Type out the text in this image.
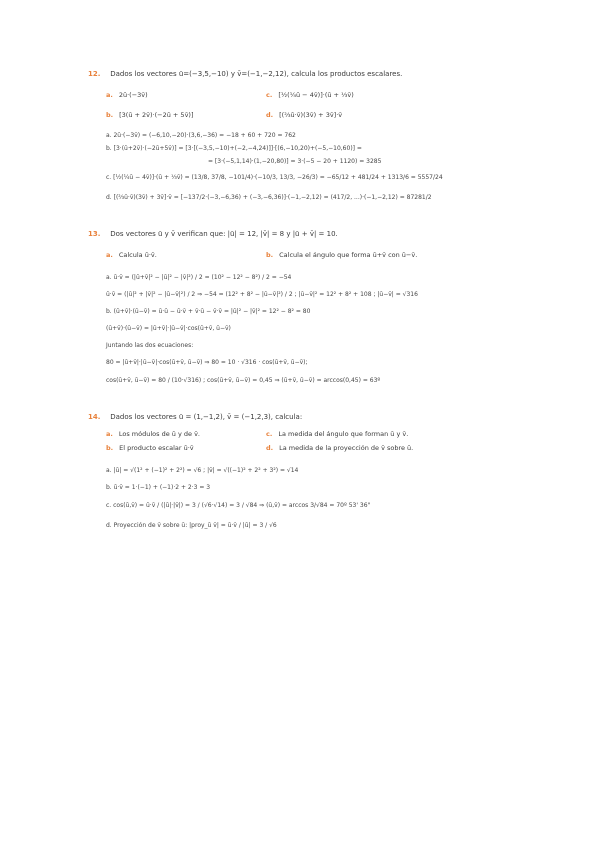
12. Dados los vectores ū=(−3,5,−10) y v̄=(−1,−2,12), calcula los productos escalares.
a. 2ū·(−3v̄)	c. [½(¼ū − 4v̄)]·(ū + ⅓v̄)
b. [3(ū + 2v̄)·(−2ū + 5v̄)]	d. [(⅔ū·v̄)(3v̄) + 3v̄]·v̄
a. 2ū·(−3v̄) = (−6,10,−20)·(3,6,−36) = −18 + 60 + 720 = 762
b. [3·(ū+2v̄)·(−2ū+5v̄)] = [3·[(−3,5,−10)+(−2,−4,24)]]·[(6,−10,20)+(−5,−10,60)] =
= [3·(−5,1,14)·(1,−20,80)] = 3·(−5 − 20 + 1120) = 3285
c. [½(¼ū − 4v̄)]·(ū + ⅓v̄) = (13/8, 37/8, −101/4)·(−10/3, 13/3, −26/3) = −65/12 + 481/24 + 1313/6 = 5557/24
d. [(⅔ū·v̄)(3v̄) + 3v̄]·v̄ = [−137/2·(−3,−6,36) + (−3,−6,36)]·(−1,−2,12) = (417/2, ...)·(−1,−2,12) = 87281/2
13. Dos vectores ū y v̄ verifican que: |ū| = 12, |v̄| = 8 y |ū + v̄| = 10.
a. Calcula ū·v̄.	b. Calcula el ángulo que forma ū+v̄ con ū−v̄.
a. ū·v̄ = (|ū+v̄|² − |ū|² − |v̄|²) / 2 = (10² − 12² − 8²) / 2 = −54
ū·v̄ = (|ū|² + |v̄|² − |ū−v̄|²) / 2 ⇒ −54 = (12² + 8² − |ū−v̄|²) / 2 ; |ū−v̄|² = 12² + 8² + 108 ; |ū−v̄| = √316
b. (ū+v̄)·(ū−v̄) = ū·ū − ū·v̄ + v̄·ū − v̄·v̄ = |ū|² − |v̄|² = 12² − 8² = 80
(ū+v̄)·(ū−v̄) = |ū+v̄|·|ū−v̄|·cos(ū+v̄, ū−v̄)
Juntando las dos ecuaciones:
80 = |ū+v̄|·|ū−v̄|·cos(ū+v̄, ū−v̄) ⇒ 80 = 10 · √316 · cos(ū+v̄, ū−v̄);
cos(ū+v̄, ū−v̄) = 80 / (10·√316) ; cos(ū+v̄, ū−v̄) = 0,45 ⇒ (ū+v̄, ū−v̄) = arccos(0,45) = 63º
14. Dados los vectores ū = (1,−1,2), v̄ = (−1,2,3), calcula:
a. Los módulos de ū y de v̄.	c. La medida del ángulo que forman ū y v̄.
b. El producto escalar ū·v̄	d. La medida de la proyección de v̄ sobre ū.
a. |ū| = √(1² + (−1)² + 2²) = √6 ; |v̄| = √((−1)² + 2² + 3²) = √14
b. ū·v̄ = 1·(−1) + (−1)·2 + 2·3 = 3
c. cos(ū,v̄) = ū·v̄ / (|ū|·|v̄|) = 3 / (√6·√14) = 3 / √84 ⇒ (ū,v̄) = arccos 3/√84 = 70º 53' 36"
d. Proyección de v̄ sobre ū: |proy_ū v̄| = ū·v̄ / |ū| = 3 / √6
